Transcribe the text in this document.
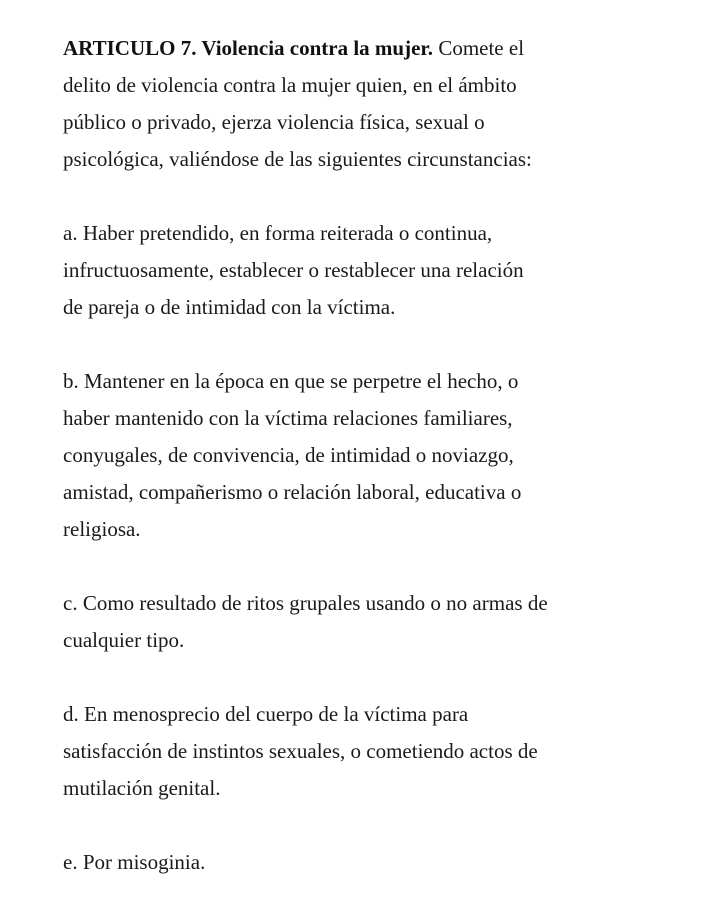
ARTICULO 7. Violencia contra la mujer. Comete el
delito de violencia contra la mujer quien, en el ámbito
público o privado, ejerza violencia física, sexual o
psicológica, valiéndose de las siguientes circunstancias:

a. Haber pretendido, en forma reiterada o continua,
infructuosamente, establecer o restablecer una relación
de pareja o de intimidad con la víctima.

b. Mantener en la época en que se perpetre el hecho, o
haber mantenido con la víctima relaciones familiares,
conyugales, de convivencia, de intimidad o noviazgo,
amistad, compañerismo o relación laboral, educativa o
religiosa.

c. Como resultado de ritos grupales usando o no armas de
cualquier tipo.

d. En menosprecio del cuerpo de la víctima para
satisfacción de instintos sexuales, o cometiendo actos de
mutilación genital.

e. Por misoginia.
